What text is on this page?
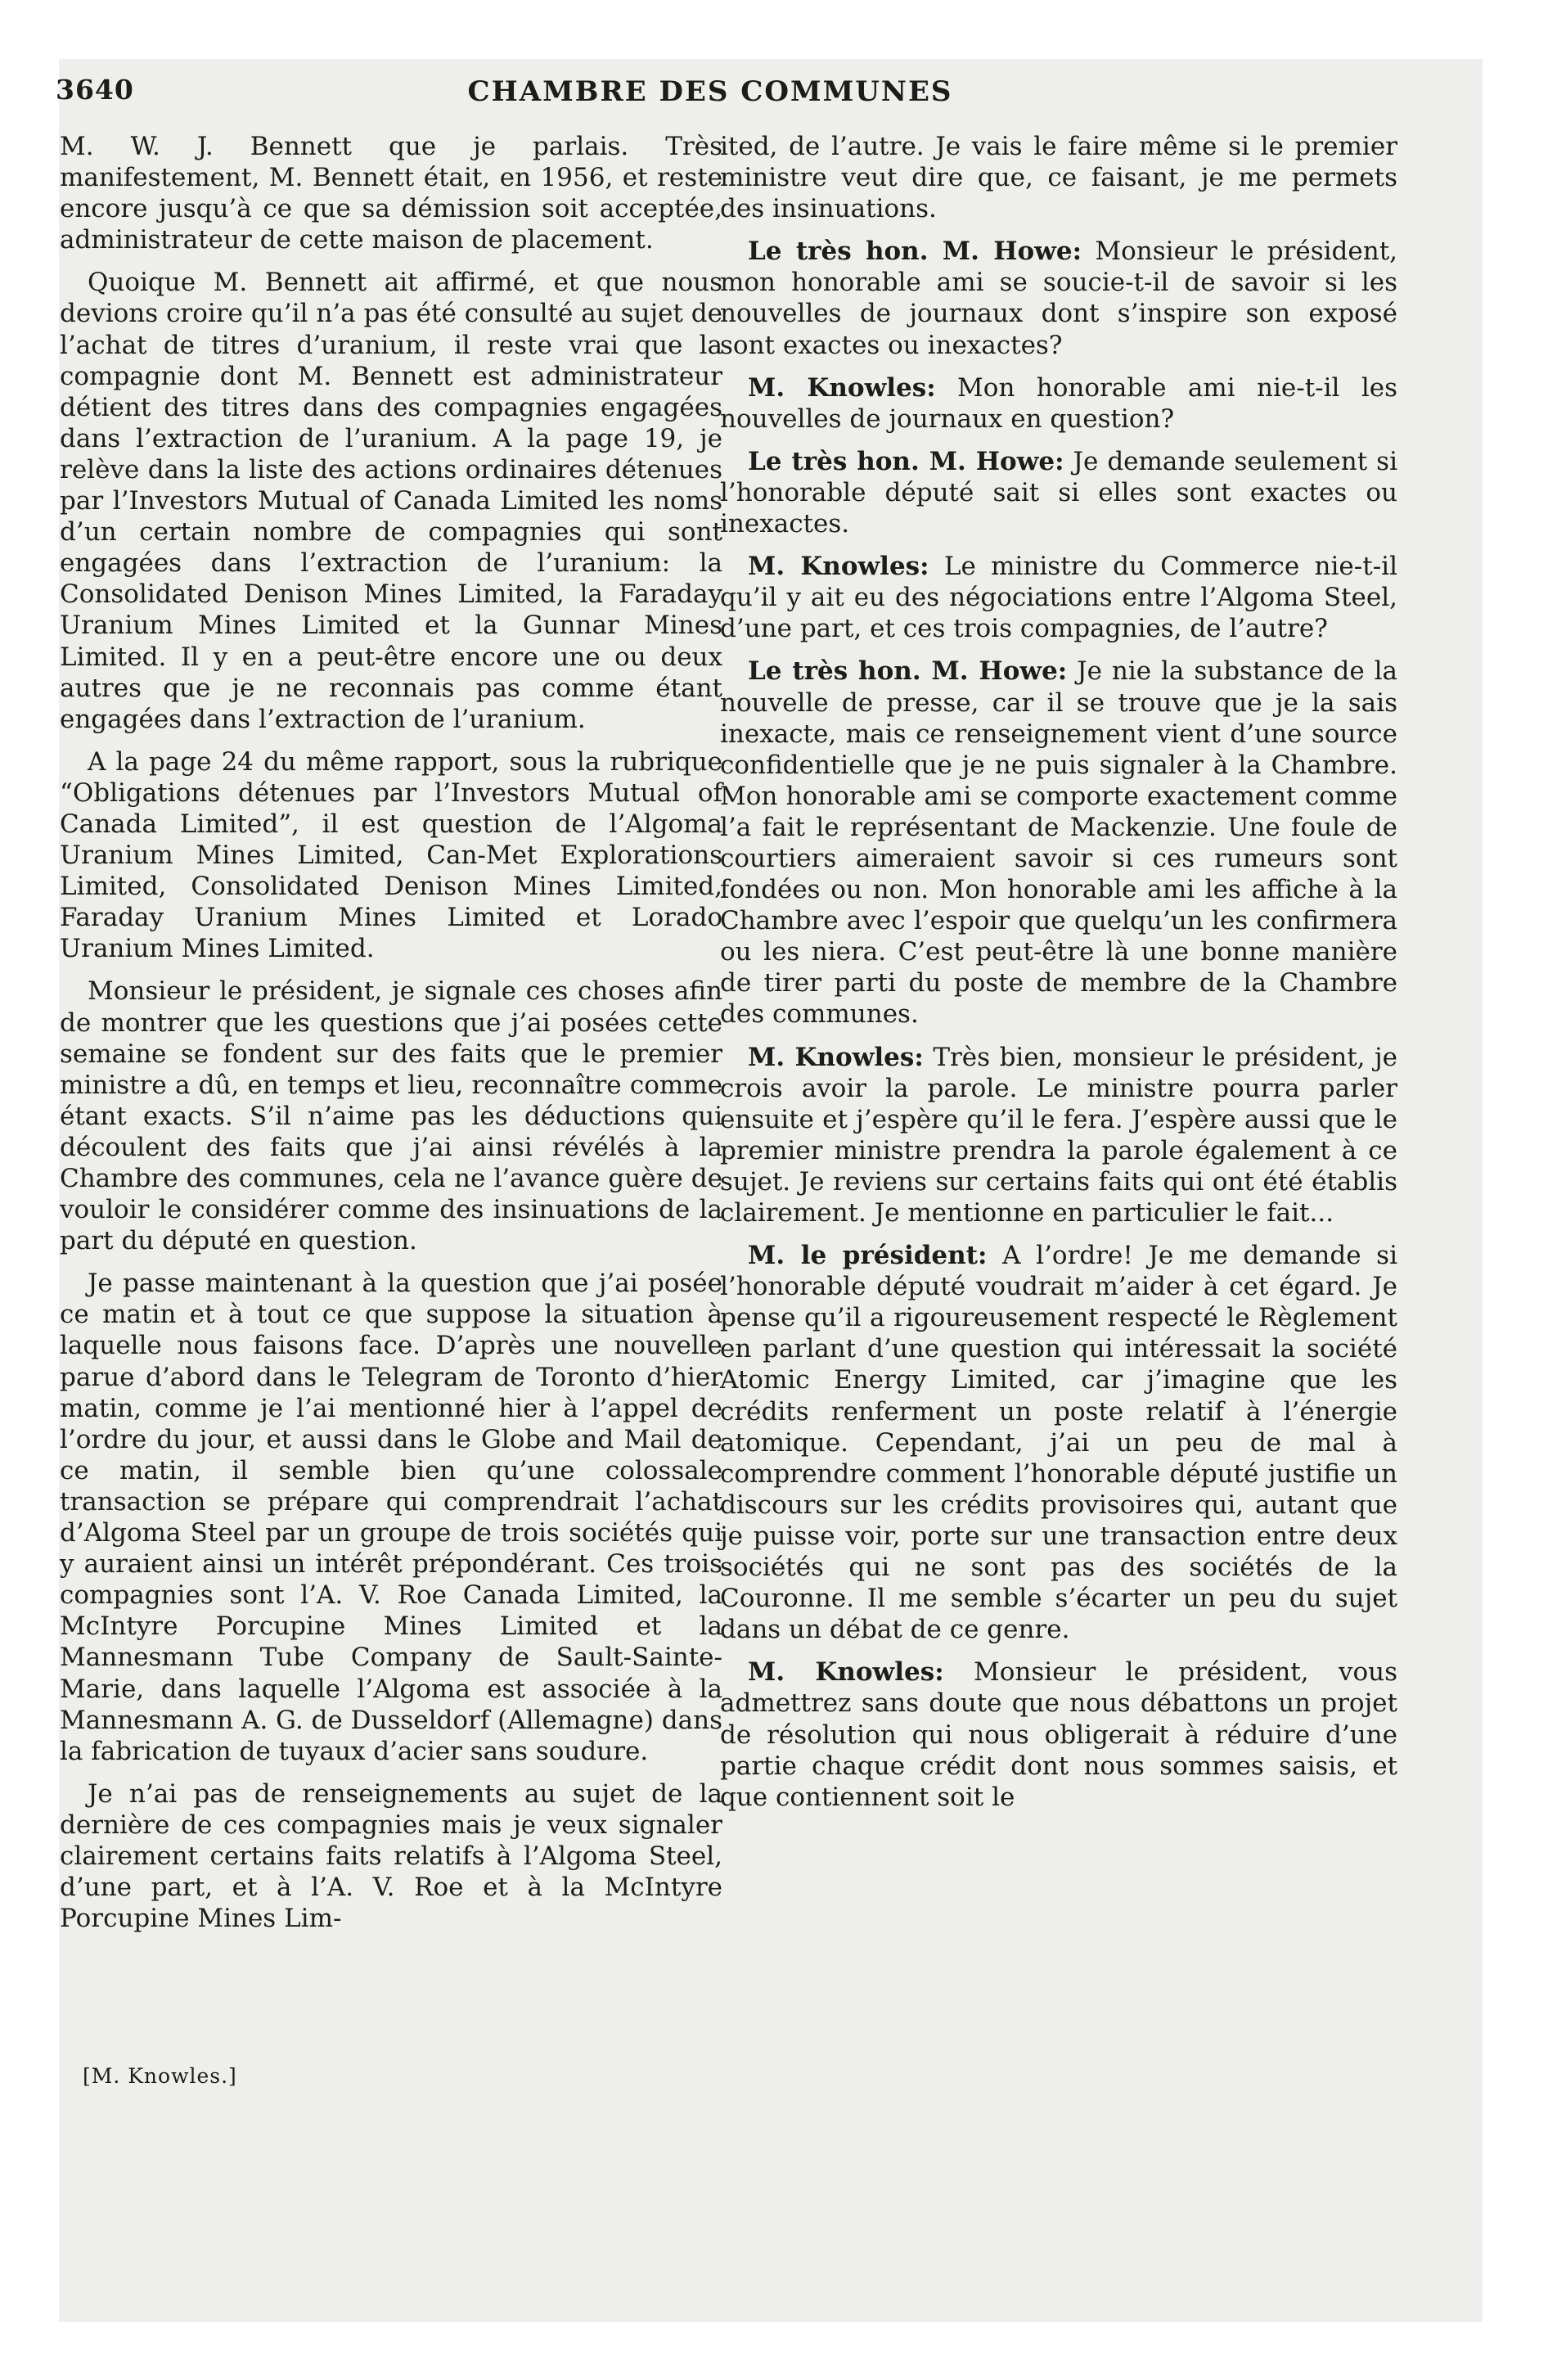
3640	CHAMBRE DES COMMUNES

M. W. J. Bennett que je parlais. Très manifestement, M. Bennett était, en 1956, et reste encore jusqu’à ce que sa démission soit acceptée, administrateur de cette maison de placement.

Quoique M. Bennett ait affirmé, et que nous devions croire qu’il n’a pas été consulté au sujet de l’achat de titres d’uranium, il reste vrai que la compagnie dont M. Bennett est administrateur détient des titres dans des compagnies engagées dans l’extraction de l’uranium. A la page 19, je relève dans la liste des actions ordinaires détenues par l’Investors Mutual of Canada Limited les noms d’un certain nombre de compagnies qui sont engagées dans l’extraction de l’uranium: la Consolidated Denison Mines Limited, la Faraday Uranium Mines Limited et la Gunnar Mines Limited. Il y en a peut-être encore une ou deux autres que je ne reconnais pas comme étant engagées dans l’extraction de l’uranium.

A la page 24 du même rapport, sous la rubrique “Obligations détenues par l’Investors Mutual of Canada Limited”, il est question de l’Algoma Uranium Mines Limited, Can-Met Explorations Limited, Consolidated Denison Mines Limited, Faraday Uranium Mines Limited et Lorado Uranium Mines Limited.

Monsieur le président, je signale ces choses afin de montrer que les questions que j’ai posées cette semaine se fondent sur des faits que le premier ministre a dû, en temps et lieu, reconnaître comme étant exacts. S’il n’aime pas les déductions qui découlent des faits que j’ai ainsi révélés à la Chambre des communes, cela ne l’avance guère de vouloir le considérer comme des insinuations de la part du député en question.

Je passe maintenant à la question que j’ai posée ce matin et à tout ce que suppose la situation à laquelle nous faisons face. D’après une nouvelle parue d’abord dans le Telegram de Toronto d’hier matin, comme je l’ai mentionné hier à l’appel de l’ordre du jour, et aussi dans le Globe and Mail de ce matin, il semble bien qu’une colossale transaction se prépare qui comprendrait l’achat d’Algoma Steel par un groupe de trois sociétés qui y auraient ainsi un intérêt prépondérant. Ces trois compagnies sont l’A. V. Roe Canada Limited, la McIntyre Porcupine Mines Limited et la Mannesmann Tube Company de Sault-Sainte-Marie, dans laquelle l’Algoma est associée à la Mannesmann A. G. de Dusseldorf (Allemagne) dans la fabrication de tuyaux d’acier sans soudure.

Je n’ai pas de renseignements au sujet de la dernière de ces compagnies mais je veux signaler clairement certains faits relatifs à l’Algoma Steel, d’une part, et à l’A. V. Roe et à la McIntyre Porcupine Mines Lim-

[M. Knowles.]

ited, de l’autre. Je vais le faire même si le premier ministre veut dire que, ce faisant, je me permets des insinuations.

Le très hon. M. Howe: Monsieur le président, mon honorable ami se soucie-t-il de savoir si les nouvelles de journaux dont s’inspire son exposé sont exactes ou inexactes?

M. Knowles: Mon honorable ami nie-t-il les nouvelles de journaux en question?

Le très hon. M. Howe: Je demande seulement si l’honorable député sait si elles sont exactes ou inexactes.

M. Knowles: Le ministre du Commerce nie-t-il qu’il y ait eu des négociations entre l’Algoma Steel, d’une part, et ces trois compagnies, de l’autre?

Le très hon. M. Howe: Je nie la substance de la nouvelle de presse, car il se trouve que je la sais inexacte, mais ce renseignement vient d’une source confidentielle que je ne puis signaler à la Chambre. Mon honorable ami se comporte exactement comme l’a fait le représentant de Mackenzie. Une foule de courtiers aimeraient savoir si ces rumeurs sont fondées ou non. Mon honorable ami les affiche à la Chambre avec l’espoir que quelqu’un les confirmera ou les niera. C’est peut-être là une bonne manière de tirer parti du poste de membre de la Chambre des communes.

M. Knowles: Très bien, monsieur le président, je crois avoir la parole. Le ministre pourra parler ensuite et j’espère qu’il le fera. J’espère aussi que le premier ministre prendra la parole également à ce sujet. Je reviens sur certains faits qui ont été établis clairement. Je mentionne en particulier le fait...

M. le président: A l’ordre! Je me demande si l’honorable député voudrait m’aider à cet égard. Je pense qu’il a rigoureusement respecté le Règlement en parlant d’une question qui intéressait la société Atomic Energy Limited, car j’imagine que les crédits renferment un poste relatif à l’énergie atomique. Cependant, j’ai un peu de mal à comprendre comment l’honorable député justifie un discours sur les crédits provisoires qui, autant que je puisse voir, porte sur une transaction entre deux sociétés qui ne sont pas des sociétés de la Couronne. Il me semble s’écarter un peu du sujet dans un débat de ce genre.

M. Knowles: Monsieur le président, vous admettrez sans doute que nous débattons un projet de résolution qui nous obligerait à réduire d’une partie chaque crédit dont nous sommes saisis, et que contiennent soit le
